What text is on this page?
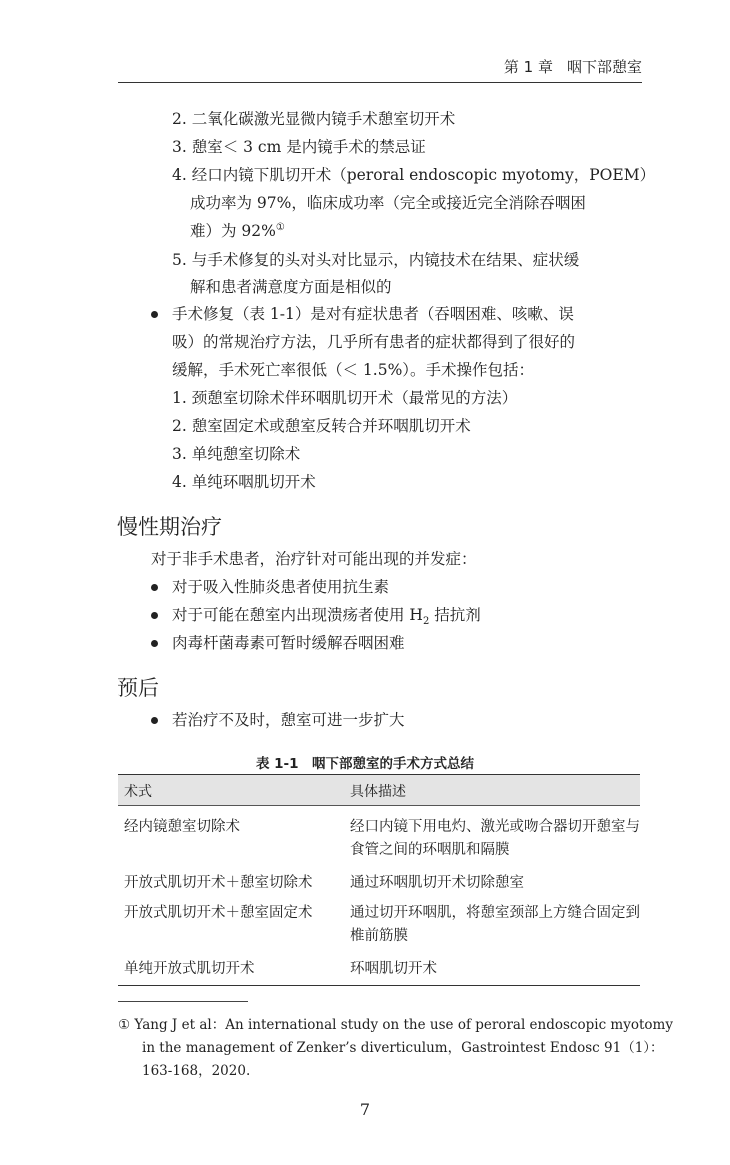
第 1 章 咽下部憩室
2. 二氧化碳激光显微内镜手术憩室切开术
3. 憩室＜ 3 cm 是内镜手术的禁忌证
4. 经口内镜下肌切开术（peroral endoscopic myotomy，POEM）
成功率为 97%，临床成功率（完全或接近完全消除吞咽困
难）为 92%①
5. 与手术修复的头对头对比显示，内镜技术在结果、症状缓
解和患者满意度方面是相似的
手术修复（表 1-1）是对有症状患者（吞咽困难、咳嗽、误
吸）的常规治疗方法，几乎所有患者的症状都得到了很好的
缓解，手术死亡率很低（＜ 1.5%）。手术操作包括：
1. 颈憩室切除术伴环咽肌切开术（最常见的方法）
2. 憩室固定术或憩室反转合并环咽肌切开术
3. 单纯憩室切除术
4. 单纯环咽肌切开术
慢性期治疗
对于非手术患者，治疗针对可能出现的并发症：
对于吸入性肺炎患者使用抗生素
对于可能在憩室内出现溃疡者使用 $H_2$ 拮抗剂
肉毒杆菌毒素可暂时缓解吞咽困难
预后
若治疗不及时，憩室可进一步扩大
表 1-1　咽下部憩室的手术方式总结
术式	具体描述
经内镜憩室切除术	经口内镜下用电灼、激光或吻合器切开憩室与食管之间的环咽肌和隔膜
开放式肌切开术＋憩室切除术	通过环咽肌切开术切除憩室
开放式肌切开术＋憩室固定术	通过切开环咽肌，将憩室颈部上方缝合固定到椎前筋膜
单纯开放式肌切开术	环咽肌切开术
① Yang J et al：An international study on the use of peroral endoscopic myotomy
in the management of Zenker’s diverticulum，Gastrointest Endosc 91（1）：
163-168，2020.
7
